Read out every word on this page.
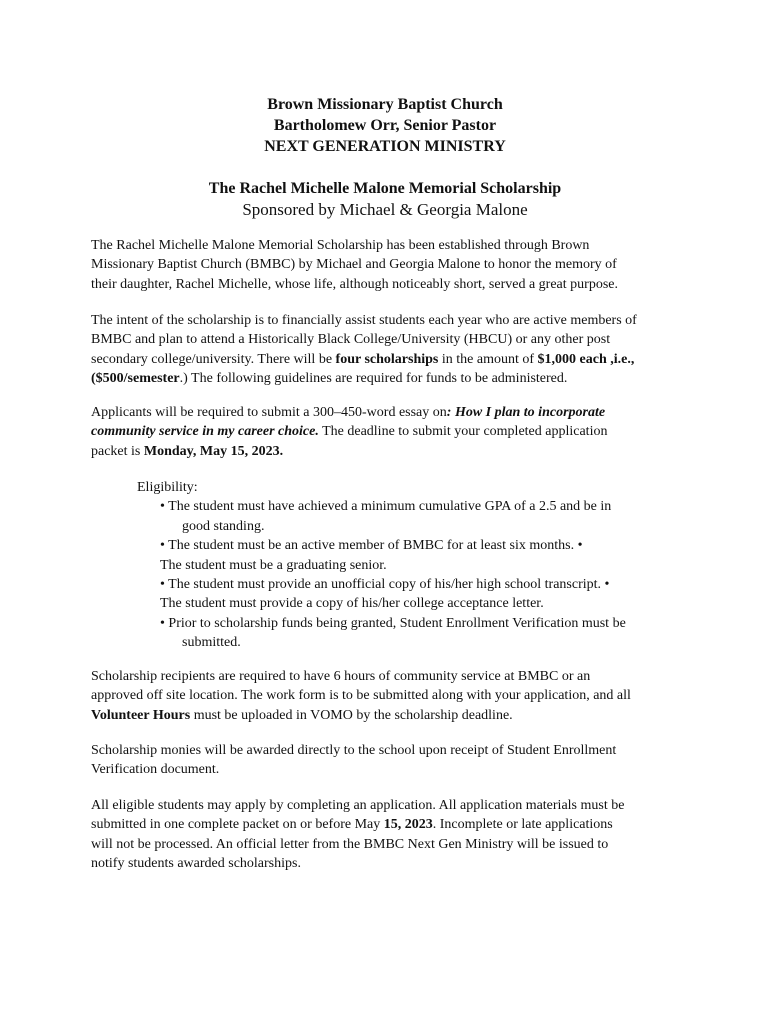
Brown Missionary Baptist Church
Bartholomew Orr, Senior Pastor
NEXT GENERATION MINISTRY
The Rachel Michelle Malone Memorial Scholarship
Sponsored by Michael & Georgia Malone
The Rachel Michelle Malone Memorial Scholarship has been established through Brown
Missionary Baptist Church (BMBC) by Michael and Georgia Malone to honor the memory of
their daughter, Rachel Michelle, whose life, although noticeably short, served a great purpose.
The intent of the scholarship is to financially assist students each year who are active members of
BMBC and plan to attend a Historically Black College/University (HBCU) or any other post
secondary college/university. There will be four scholarships in the amount of $1,000 each ,i.e.,
($500/semester.) The following guidelines are required for funds to be administered.
Applicants will be required to submit a 300–450-word essay on: How I plan to incorporate
community service in my career choice. The deadline to submit your completed application
packet is Monday, May 15, 2023.
Eligibility:
• The student must have achieved a minimum cumulative GPA of a 2.5 and be in
good standing.
• The student must be an active member of BMBC for at least six months. •
The student must be a graduating senior.
• The student must provide an unofficial copy of his/her high school transcript. •
The student must provide a copy of his/her college acceptance letter.
• Prior to scholarship funds being granted, Student Enrollment Verification must be
submitted.
Scholarship recipients are required to have 6 hours of community service at BMBC or an
approved off site location. The work form is to be submitted along with your application, and all
Volunteer Hours must be uploaded in VOMO by the scholarship deadline.
Scholarship monies will be awarded directly to the school upon receipt of Student Enrollment
Verification document.
All eligible students may apply by completing an application. All application materials must be
submitted in one complete packet on or before May 15, 2023. Incomplete or late applications
will not be processed. An official letter from the BMBC Next Gen Ministry will be issued to
notify students awarded scholarships.
